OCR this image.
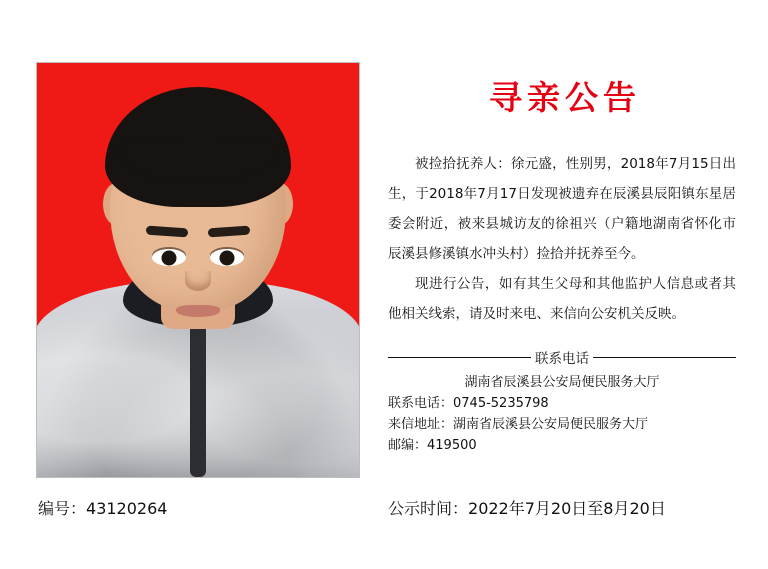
寻亲公告

被捡拾抚养人：徐元盛，性别男，2018年7月15日出生，于2018年7月17日发现被遗弃在辰溪县辰阳镇东星居委会附近，被来县城访友的徐祖兴（户籍地湖南省怀化市辰溪县修溪镇水冲头村）捡拾并抚养至今。

现进行公告，如有其生父母和其他监护人信息或者其他相关线索，请及时来电、来信向公安机关反映。

联系电话
湖南省辰溪县公安局便民服务大厅
联系电话：0745-5235798
来信地址：湖南省辰溪县公安局便民服务大厅
邮编：419500
编号：43120264	公示时间：2022年7月20日至8月20日
